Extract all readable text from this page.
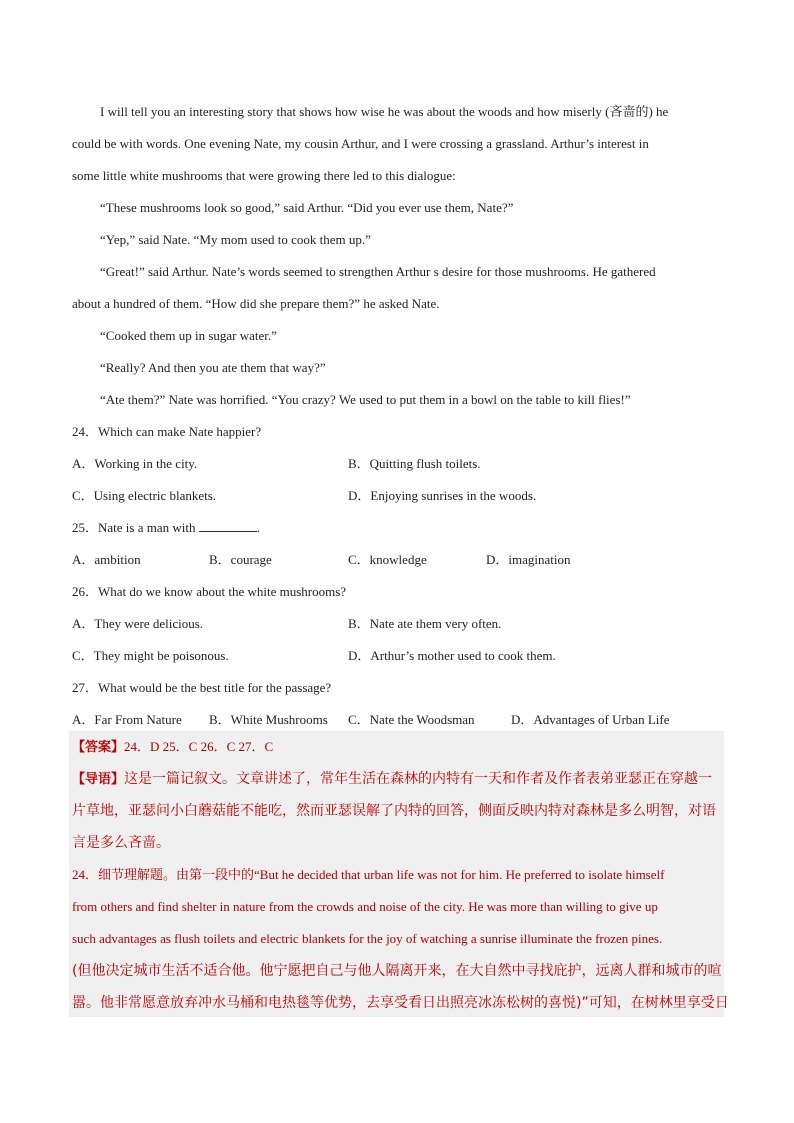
I will tell you an interesting story that shows how wise he was about the woods and how miserly (吝啬的) he
could be with words. One evening Nate, my cousin Arthur, and I were crossing a grassland. Arthur’s interest in
some little white mushrooms that were growing there led to this dialogue:
“These mushrooms look so good,” said Arthur. “Did you ever use them, Nate?”
“Yep,” said Nate. “My mom used to cook them up.”
“Great!” said Arthur. Nate’s words seemed to strengthen Arthur s desire for those mushrooms. He gathered
about a hundred of them. “How did she prepare them?” he asked Nate.
“Cooked them up in sugar water.”
“Really? And then you ate them that way?”
“Ate them?” Nate was horrified. “You crazy? We used to put them in a bowl on the table to kill flies!”
24．Which can make Nate happier?
A．Working in the city.	B．Quitting flush toilets.
C．Using electric blankets.	D．Enjoying sunrises in the woods.
25．Nate is a man with	.
A．ambition	B．courage	C．knowledge	D．imagination
26．What do we know about the white mushrooms?
A．They were delicious.	B．Nate ate them very often.
C．They might be poisonous.	D．Arthur’s mother used to cook them.
27．What would be the best title for the passage?
A．Far From Nature B．White Mushrooms C．Nate the Woodsman	D．Advantages of Urban Life
【答案】24．D 25．C 26．C 27．C
【导语】这是一篇记叙文。文章讲述了，常年生活在森林的内特有一天和作者及作者表弟亚瑟正在穿越一
片草地，亚瑟问小白蘑菇能不能吃，然而亚瑟误解了内特的回答，侧面反映内特对森林是多么明智，对语
言是多么吝啬。
24．细节理解题。由第一段中的“But he decided that urban life was not for him. He preferred to isolate himself
from others and find shelter in nature from the crowds and noise of the city. He was more than willing to give up
such advantages as flush toilets and electric blankets for the joy of watching a sunrise illuminate the frozen pines.
(但他决定城市生活不适合他。他宁愿把自己与他人隔离开来，在大自然中寻找庇护，远离人群和城市的喧
嚣。他非常愿意放弃冲水马桶和电热毯等优势，去享受看日出照亮冰冻松树的喜悦)”可知，在树林里享受日
